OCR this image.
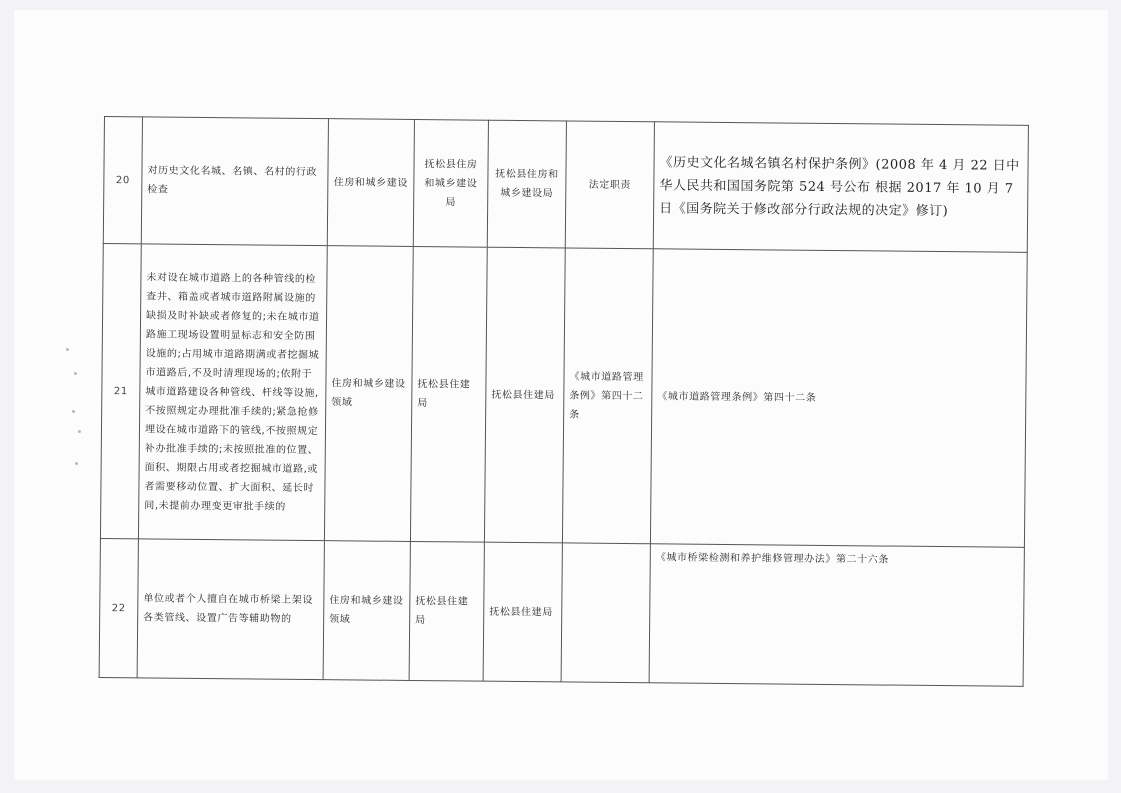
20	对历史文化名城、名镇、名村的行政检查	住房和城乡建设	抚松县住房和城乡建设局	抚松县住房和城乡建设局	法定职责	《历史文化名城名镇名村保护条例》(2008 年 4 月 22 日中华人民共和国国务院第 524 号公布 根据 2017 年 10 月 7 日《国务院关于修改部分行政法规的决定》修订)
21	未对设在城市道路上的各种管线的检查井、箱盖或者城市道路附属设施的缺损及时补缺或者修复的;未在城市道路施工现场设置明显标志和安全防围设施的;占用城市道路期满或者挖掘城市道路后,不及时清理现场的;依附于城市道路建设各种管线、杆线等设施,不按照规定办理批准手续的;紧急抢修埋设在城市道路下的管线,不按照规定补办批准手续的;未按照批准的位置、面积、期限占用或者挖掘城市道路,或者需要移动位置、扩大面积、延长时间,未提前办理变更审批手续的	住房和城乡建设领域	抚松县住建局	抚松县住建局	《城市道路管理条例》第四十二条	《城市道路管理条例》第四十二条
22	单位或者个人擅自在城市桥梁上架设各类管线、设置广告等辅助物的	住房和城乡建设领域	抚松县住建局	抚松县住建局		《城市桥梁检测和养护维修管理办法》第二十六条
